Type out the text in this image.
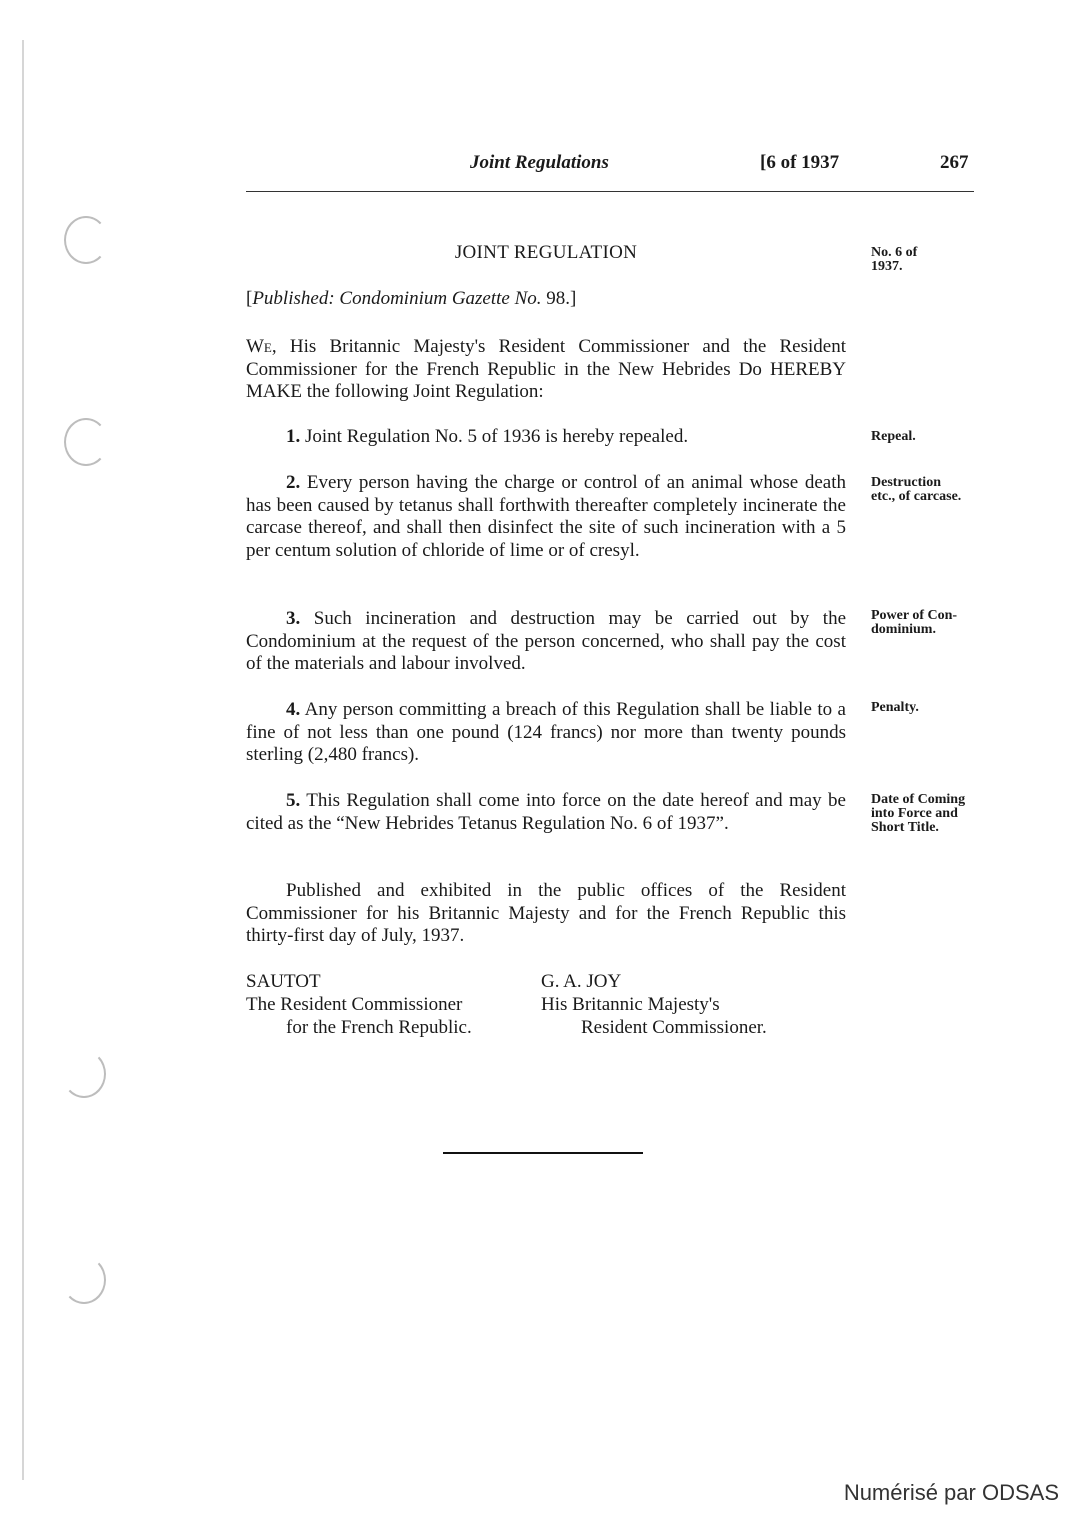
Joint Regulations	[6 of 1937	267
JOINT REGULATION	No. 6 of 1937.
[Published: Condominium Gazette No. 98.]
We, His Britannic Majesty's Resident Commissioner and the Resident Commissioner for the French Republic in the New Hebrides Do HEREBY MAKE the following Joint Regulation:
1. Joint Regulation No. 5 of 1936 is hereby repealed.	Repeal.
2. Every person having the charge or control of an animal whose death has been caused by tetanus shall forthwith thereafter completely incinerate the carcase thereof, and shall then disinfect the site of such incineration with a 5 per centum solution of chloride of lime or of cresyl.
Destruction etc., of carcase.
3. Such incineration and destruction may be carried out by the Condominium at the request of the person concerned, who shall pay the cost of the materials and labour involved.
Power of Con-dominium.
4. Any person committing a breach of this Regulation shall be liable to a fine of not less than one pound (124 francs) nor more than twenty pounds sterling (2,480 francs).
Penalty.
5. This Regulation shall come into force on the date hereof and may be cited as the “New Hebrides Tetanus Regulation No. 6 of 1937”.
Date of Coming into Force and Short Title.
Published and exhibited in the public offices of the Resident Commissioner for his Britannic Majesty and for the French Republic this thirty-first day of July, 1937.
SAUTOT
The Resident Commissioner
for the French Republic.
G. A. JOY
His Britannic Majesty's
Resident Commissioner.
Numérisé par ODSAS
